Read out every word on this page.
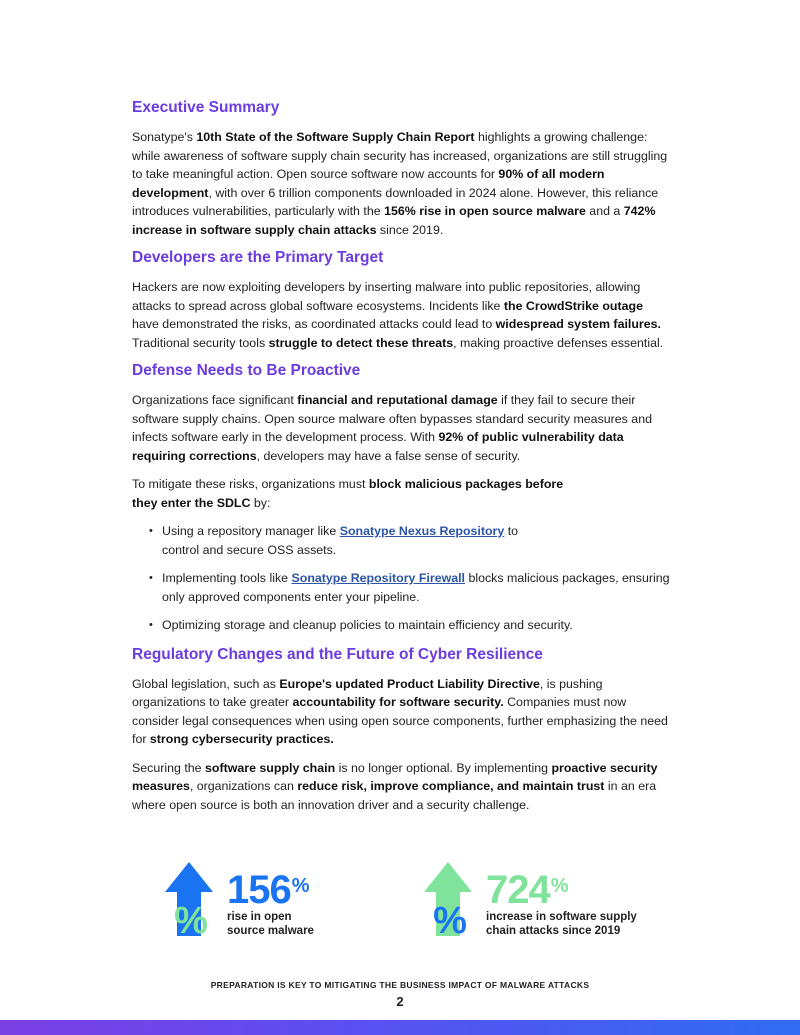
Executive Summary

Sonatype's 10th State of the Software Supply Chain Report highlights a growing challenge: while awareness of software supply chain security has increased, organizations are still struggling to take meaningful action. Open source software now accounts for 90% of all modern development, with over 6 trillion components downloaded in 2024 alone. However, this reliance introduces vulnerabilities, particularly with the 156% rise in open source malware and a 742% increase in software supply chain attacks since 2019.

Developers are the Primary Target

Hackers are now exploiting developers by inserting malware into public repositories, allowing attacks to spread across global software ecosystems. Incidents like the CrowdStrike outage have demonstrated the risks, as coordinated attacks could lead to widespread system failures. Traditional security tools struggle to detect these threats, making proactive defenses essential.

Defense Needs to Be Proactive

Organizations face significant financial and reputational damage if they fail to secure their software supply chains. Open source malware often bypasses standard security measures and infects software early in the development process. With 92% of public vulnerability data requiring corrections, developers may have a false sense of security.

To mitigate these risks, organizations must block malicious packages before they enter the SDLC by:

• Using a repository manager like Sonatype Nexus Repository to control and secure OSS assets.
• Implementing tools like Sonatype Repository Firewall blocks malicious packages, ensuring only approved components enter your pipeline.
• Optimizing storage and cleanup policies to maintain efficiency and security.
Regulatory Changes and the Future of Cyber Resilience

Global legislation, such as Europe's updated Product Liability Directive, is pushing organizations to take greater accountability for software security. Companies must now consider legal consequences when using open source components, further emphasizing the need for strong cybersecurity practices.

Securing the software supply chain is no longer optional. By implementing proactive security measures, organizations can reduce risk, improve compliance, and maintain trust in an era where open source is both an innovation driver and a security challenge.

%
156%
rise in open
source malware	%
724%
increase in software supply
chain attacks since 2019
PREPARATION IS KEY TO MITIGATING THE BUSINESS IMPACT OF MALWARE ATTACKS
2
